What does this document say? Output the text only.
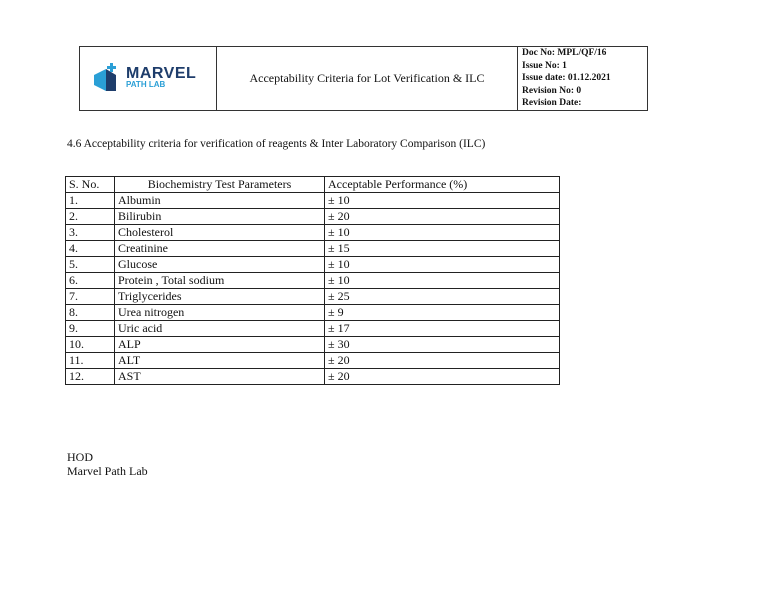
MARVEL
PATH LAB	Acceptability Criteria for Lot Verification & ILC	
Doc No: MPL/QF/16
Issue No: 1
Issue date: 01.12.2021
Revision No: 0
Revision Date:
4.6 Acceptability criteria for verification of reagents & Inter Laboratory Comparison (ILC)
S. No.	Biochemistry Test Parameters	Acceptable Performance (%)
1.	Albumin	± 10
2.	Bilirubin	± 20
3.	Cholesterol	± 10
4.	Creatinine	± 15
5.	Glucose	± 10
6.	Protein , Total sodium	± 10
7.	Triglycerides	± 25
8.	Urea nitrogen	± 9
9.	Uric acid	± 17
10.	ALP	± 30
11.	ALT	± 20
12.	AST	± 20
HOD
Marvel Path Lab
